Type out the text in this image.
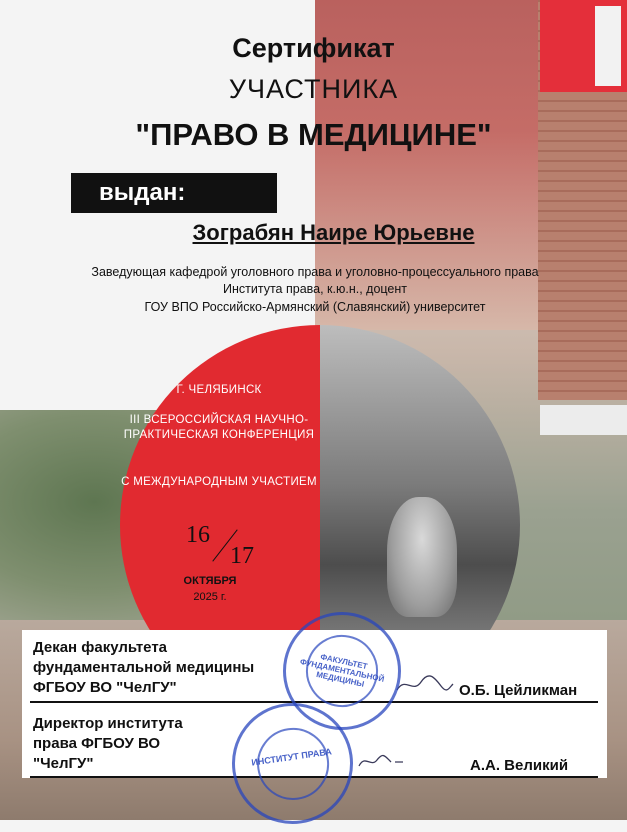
Сертификат
УЧАСТНИКА
"ПРАВО В МЕДИЦИНЕ"
выдан:
Зограбян Наире Юрьевне
Заведующая кафедрой уголовного права и уголовно-процессуального права
Института права, к.ю.н., доцент
ГОУ ВПО Российско-Армянский (Славянский) университет
Г. ЧЕЛЯБИНСК
III ВСЕРОССИЙСКАЯ НАУЧНО-ПРАКТИЧЕСКАЯ КОНФЕРЕНЦИЯ
С МЕЖДУНАРОДНЫМ УЧАСТИЕМ
16
17
ОКТЯБРЯ
2025 г.
Декан факультета фундаментальной медицины ФГБОУ ВО "ЧелГУ"	О.Б. Цейликман
Директор института права ФГБОУ ВО "ЧелГУ"	А.А. Великий
ФАКУЛЬТЕТ ФУНДАМЕНТАЛЬНОЙ МЕДИЦИНЫ
ИНСТИТУТ ПРАВА
